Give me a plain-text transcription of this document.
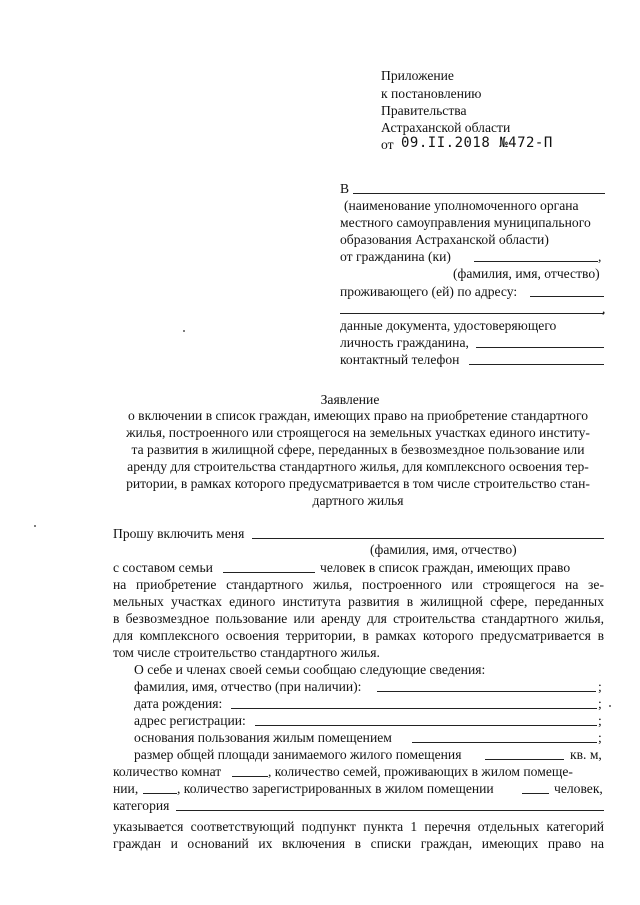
Приложение
к постановлению
Правительства
Астраханской области
от 09.II.2018 №472-П
В
(наименование уполномоченного органа
местного самоуправления муниципального
образования Астраханской области)
от гражданина (ки)	,
(фамилия, имя, отчество)
проживающего (ей) по адресу:
,
данные документа, удостоверяющего
личность гражданина,
контактный телефон
Заявление
о включении в список граждан, имеющих право на приобретение стандартного
жилья, построенного или строящегося на земельных участках единого институ-
та развития в жилищной сфере, переданных в безвозмездное пользование или
аренду для строительства стандартного жилья, для комплексного освоения тер-
ритории, в рамках которого предусматривается в том числе строительство стан-
дартного жилья
Прошу включить меня
(фамилия, имя, отчество)
с составом семьи	человек в список граждан, имеющих право
на приобретение стандартного жилья, построенного или строящегося на зе-
мельных участках единого института развития в жилищной сфере, переданных
в безвозмездное пользование или аренду для строительства стандартного жилья,
для комплексного освоения территории, в рамках которого предусматривается в
том числе строительство стандартного жилья.
О себе и членах своей семьи сообщаю следующие сведения:
фамилия, имя, отчество (при наличии):	;
дата рождения:	;
адрес регистрации:	;
основания пользования жилым помещением	;
размер общей площади занимаемого жилого помещения	кв. м,
количество комнат	, количество семей, проживающих в жилом помеще-
нии,	, количество зарегистрированных в жилом помещении	человек,
категория
указывается соответствующий подпункт пункта 1 перечня отдельных категорий
граждан и оснований их включения в списки граждан, имеющих право на
